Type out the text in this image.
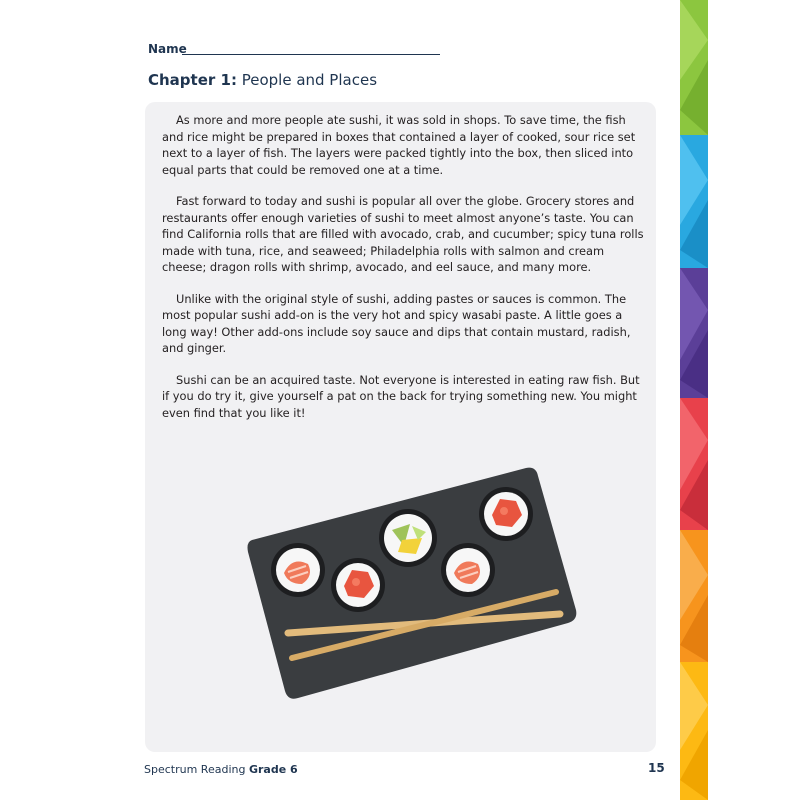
Name
Chapter 1: People and Places

As more and more people ate sushi, it was sold in shops. To save time, the fish and rice might be prepared in boxes that contained a layer of cooked, sour rice set next to a layer of fish. The layers were packed tightly into the box, then sliced into equal parts that could be removed one at a time.

Fast forward to today and sushi is popular all over the globe. Grocery stores and restaurants offer enough varieties of sushi to meet almost anyone’s taste. You can find California rolls that are filled with avocado, crab, and cucumber; spicy tuna rolls made with tuna, rice, and seaweed; Philadelphia rolls with salmon and cream cheese; dragon rolls with shrimp, avocado, and eel sauce, and many more.

Unlike with the original style of sushi, adding pastes or sauces is common. The most popular sushi add-on is the very hot and spicy wasabi paste. A little goes a long way! Other add-ons include soy sauce and dips that contain mustard, radish, and ginger.

Sushi can be an acquired taste. Not everyone is interested in eating raw fish. But if you do try it, give yourself a pat on the back for trying something new. You might even find that you like it!

Spectrum Reading Grade 6	15
